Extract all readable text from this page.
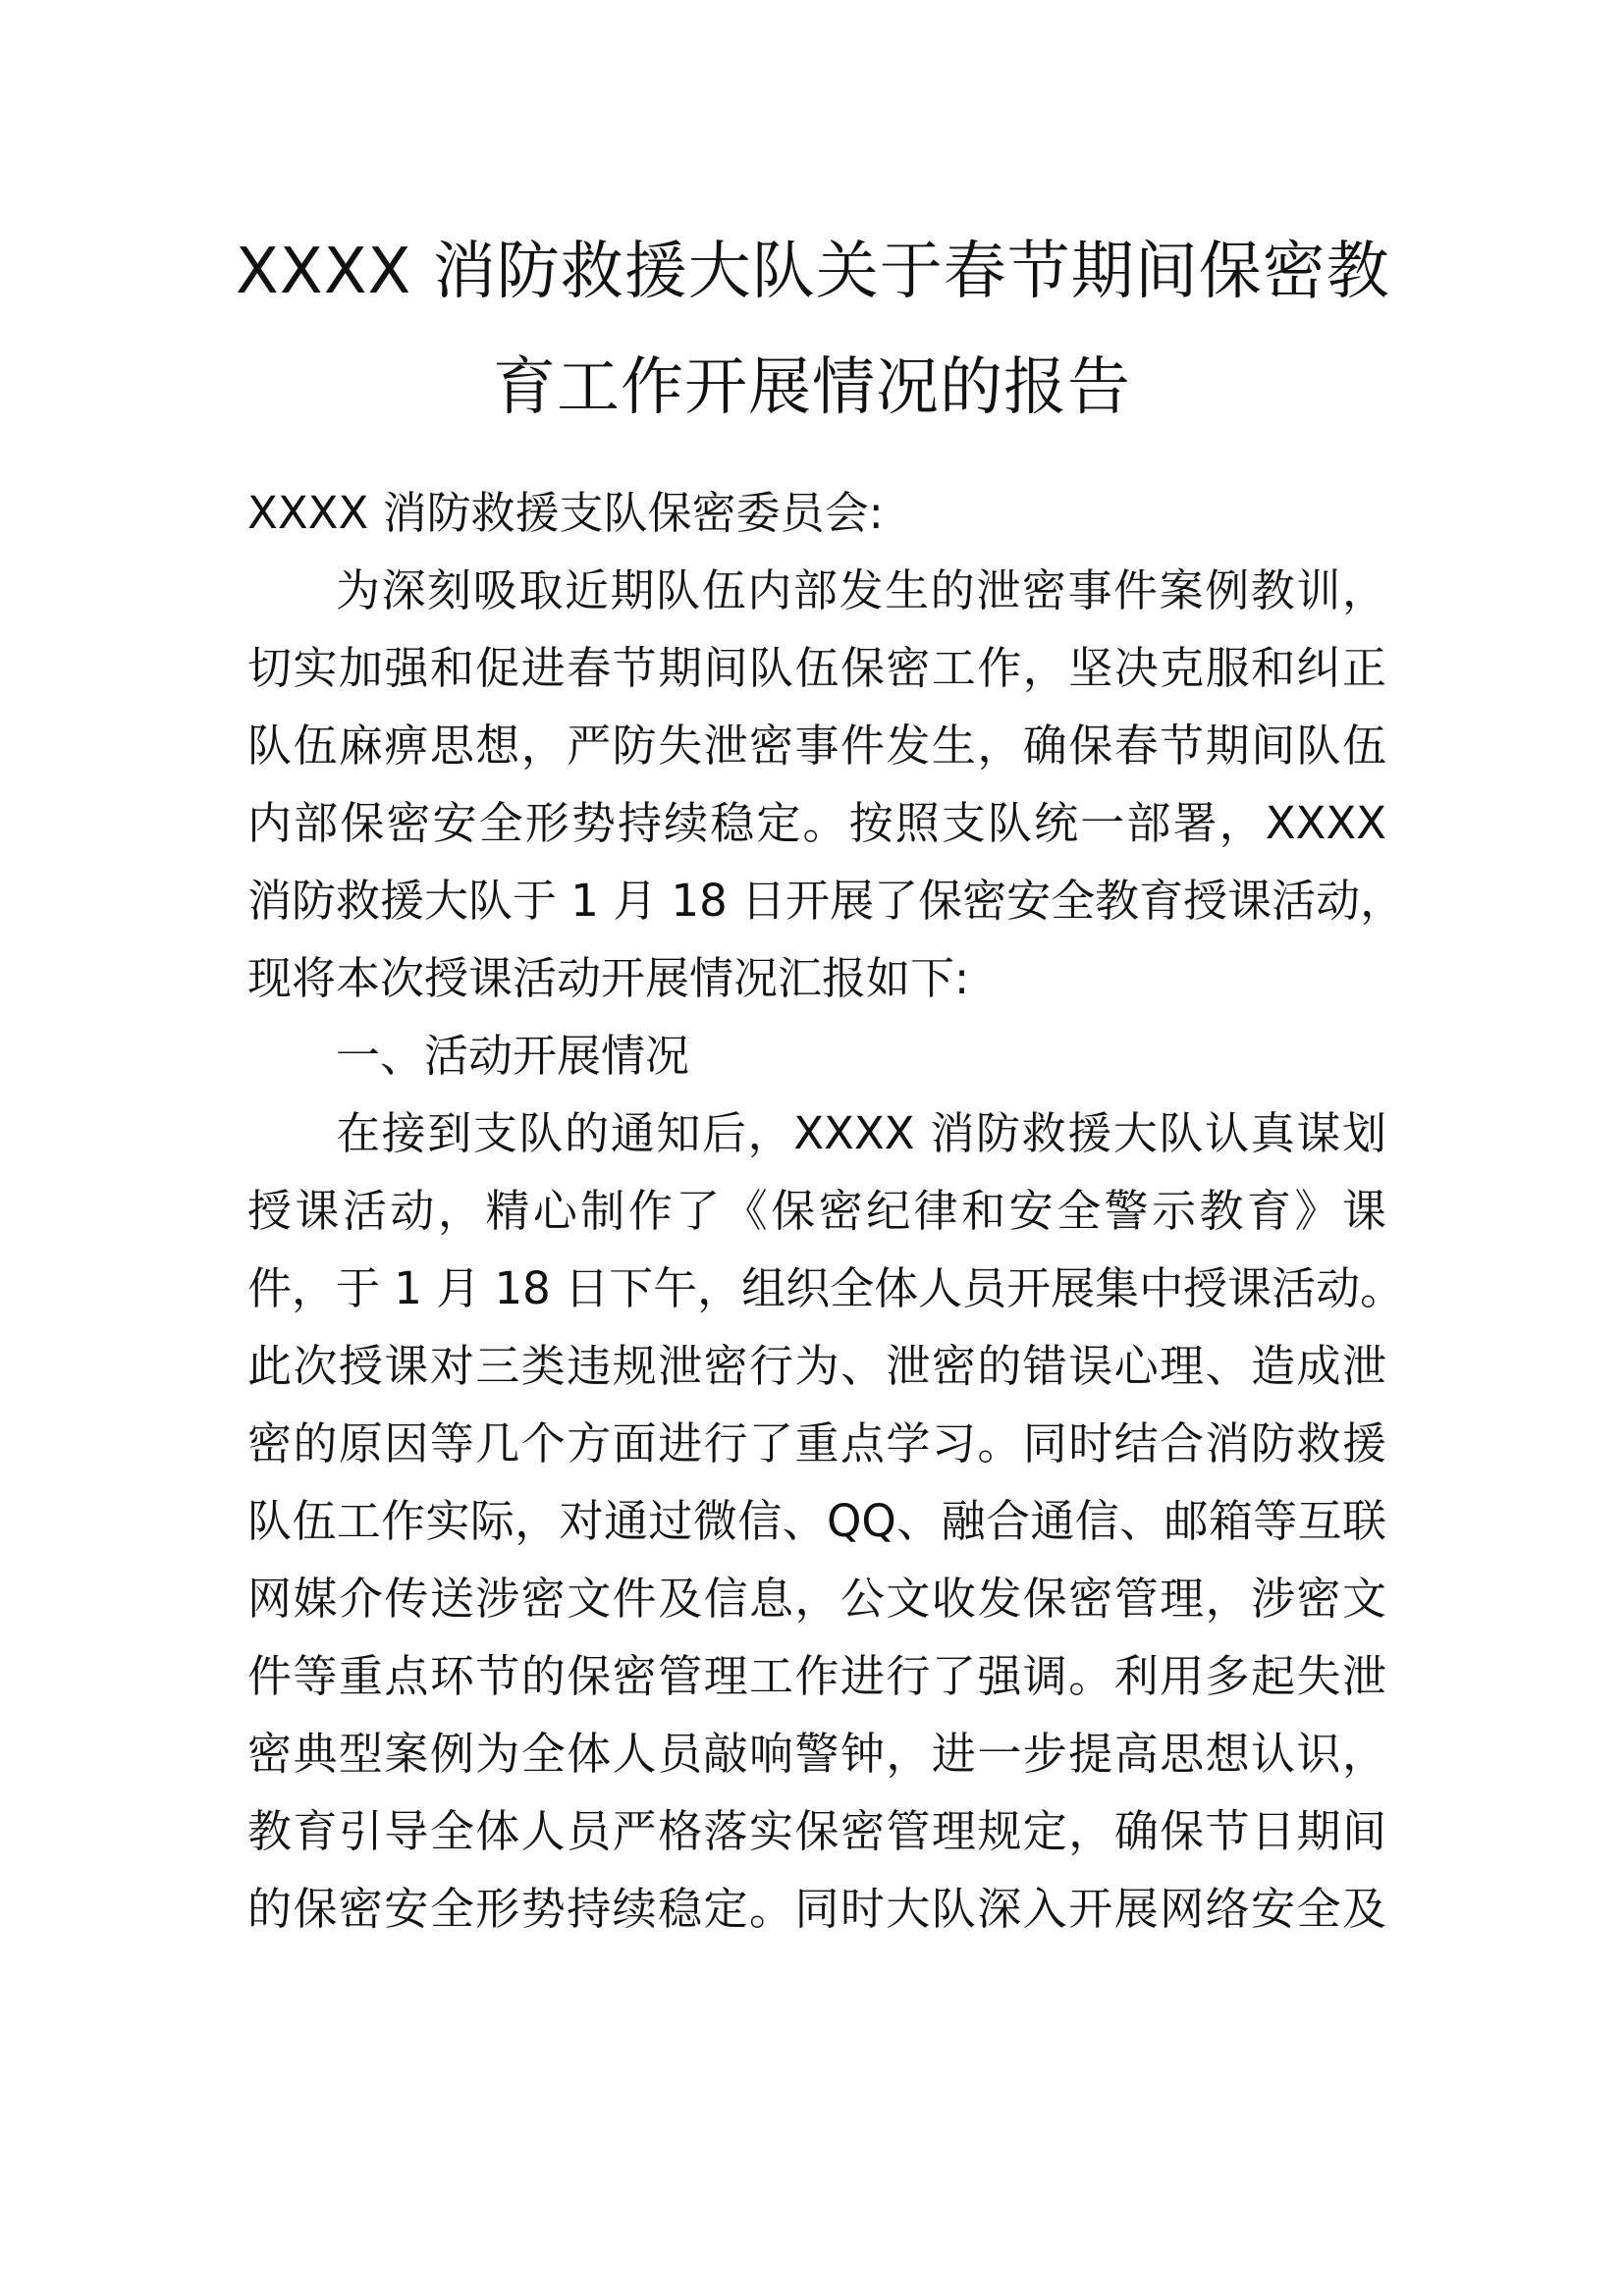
XXXX 消防救援大队关于春节期间保密教
育工作开展情况的报告
XXXX 消防救援支队保密委员会:
为深刻吸取近期队伍内部发生的泄密事件案例教训，
切实加强和促进春节期间队伍保密工作，坚决克服和纠正
队伍麻痹思想，严防失泄密事件发生，确保春节期间队伍
内部保密安全形势持续稳定。按照支队统一部署，XXXX
消防救援大队于 1 月 18 日开展了保密安全教育授课活动，
现将本次授课活动开展情况汇报如下:
一、活动开展情况
在接到支队的通知后，XXXX 消防救援大队认真谋划
授课活动，精心制作了《保密纪律和安全警示教育》课
件，于 1 月 18 日下午，组织全体人员开展集中授课活动。
此次授课对三类违规泄密行为、泄密的错误心理、造成泄
密的原因等几个方面进行了重点学习。同时结合消防救援
队伍工作实际，对通过微信、QQ、融合通信、邮箱等互联
网媒介传送涉密文件及信息，公文收发保密管理，涉密文
件等重点环节的保密管理工作进行了强调。利用多起失泄
密典型案例为全体人员敲响警钟，进一步提高思想认识，
教育引导全体人员严格落实保密管理规定，确保节日期间
的保密安全形势持续稳定。同时大队深入开展网络安全及
